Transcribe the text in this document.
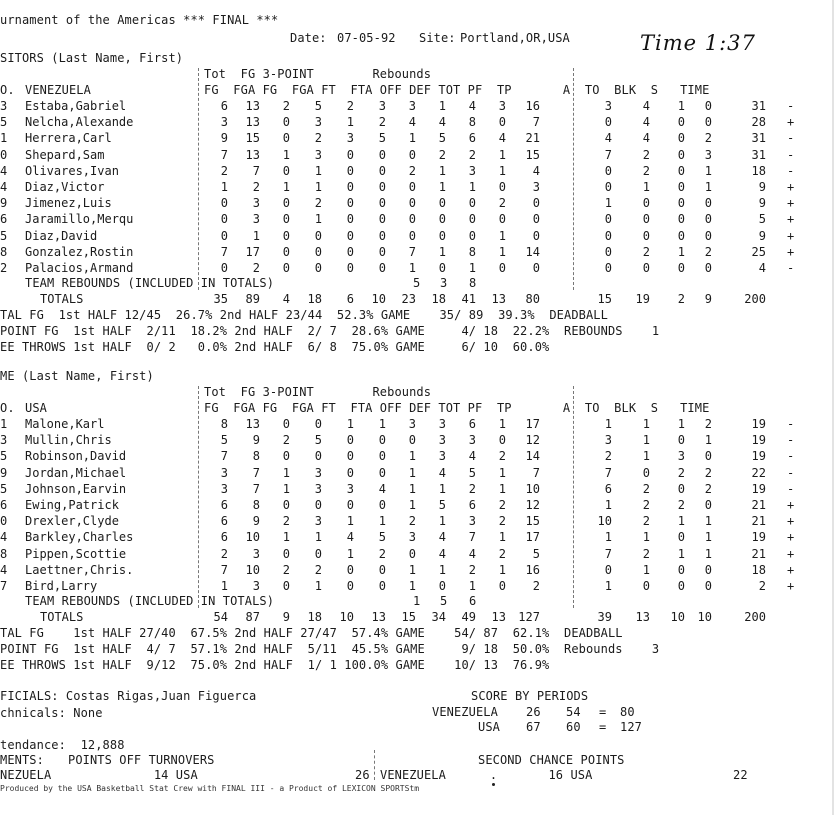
urnament of the Americas *** FINAL ***
Date: 07-05-92 Site: Portland,OR,USA	Time 1:37
SITORS (Last Name, First)
Tot  FG 3-POINT        Rebounds
O. VENEZUELA	FG  FGA FG  FGA FT  FTA OFF DEF TOT PF  TP       A  TO  BLK  S   TIME
3 Estaba,Gabriel	6 13 2 5 2 3 3 1 4 3 16	3	4 1 0	31 -
5 Nelcha,Alexande	3 13 0 3 1 2 4 4 8 0 7	0	4 0 0	28 +
1 Herrera,Carl	9 15 0 2 3 5 1 5 6 4 21	4	4 0 2	31 -
0 Shepard,Sam	7 13 1 3 0 0 0 2 2 1 15	7	2 0 3	31 -
4 Olivares,Ivan	2 7 0 1 0 0 2 1 3 1 4	0	2 0 1	18 -
4 Diaz,Victor	1 2 1 1 0 0 0 1 1 0 3	0	1 0 1	9 +
9 Jimenez,Luis	0 3 0 2 0 0 0 0 0 2 0	1	0 0 0	9 +
6 Jaramillo,Merqu	0 3 0 1 0 0 0 0 0 0 0	0	0 0 0	5 +
5 Diaz,David	0 1 0 0 0 0 0 0 0 1 0	0	0 0 0	9 +
8 Gonzalez,Rostin	7 17 0 0 0 0 7 1 8 1 14	0	2 1 2	25 +
2 Palacios,Armand	0 2 0 0 0 0 1 0 1 0 0	0	0 0 0	4 -
TEAM REBOUNDS (INCLUDED IN TOTALS)	5 3 8
TOTALS	35 89 4 18 6 10 23 18 41 13 80	15 19 2 9	200
TAL FG  1st HALF 12/45  26.7% 2nd HALF 23/44  52.3% GAME    35/ 89  39.3%  DEADBALL
POINT FG  1st HALF  2/11  18.2% 2nd HALF  2/ 7  28.6% GAME     4/ 18  22.2%  REBOUNDS    1
EE THROWS 1st HALF  0/ 2   0.0% 2nd HALF  6/ 8  75.0% GAME     6/ 10  60.0%
ME (Last Name, First)
Tot  FG 3-POINT        Rebounds
O. USA	FG  FGA FG  FGA FT  FTA OFF DEF TOT PF  TP       A  TO  BLK  S   TIME
1 Malone,Karl	8 13 0 0 1 1 3 3 6 1 17	1	1 1 2	19 -
3 Mullin,Chris	5 9 2 5 0 0 0 3 3 0 12	3	1 0 1	19 -
5 Robinson,David	7 8 0 0 0 0 1 3 4 2 14	2	1 3 0	19 -
9 Jordan,Michael	3 7 1 3 0 0 1 4 5 1 7	7	0 2 2	22 -
5 Johnson,Earvin	3 7 1 3 3 4 1 1 2 1 10	6	2 0 2	19 -
6 Ewing,Patrick	6 8 0 0 0 0 1 5 6 2 12	1	2 2 0	21 +
0 Drexler,Clyde	6 9 2 3 1 1 2 1 3 2 15	10	2 1 1	21 +
4 Barkley,Charles	6 10 1 1 4 5 3 4 7 1 17	1	1 0 1	19 +
8 Pippen,Scottie	2 3 0 0 1 2 0 4 4 2 5	7	2 1 1	21 +
4 Laettner,Chris.	7 10 2 2 0 0 1 1 2 1 16	0	1 0 0	18 +
7 Bird,Larry	1 3 0 1 0 0 1 0 1 0 2	1	0 0 0	2 +
TEAM REBOUNDS (INCLUDED IN TOTALS)	1 5 6
TOTALS	54 87 9 18 10 13 15 34 49 13 127	39 13 10 10	200
TAL FG    1st HALF 27/40  67.5% 2nd HALF 27/47  57.4% GAME    54/ 87  62.1%  DEADBALL
POINT FG  1st HALF  4/ 7  57.1% 2nd HALF  5/11  45.5% GAME     9/ 18  50.0%  Rebounds    3
EE THROWS 1st HALF  9/12  75.0% 2nd HALF  1/ 1 100.0% GAME    10/ 13  76.9%
FICIALS: Costas Rigas,Juan Figuerca
chnicals: None
SCORE BY PERIODS
VENEZUELA 26 54 = 80
USA 67 60 = 127
tendance:  12,888
MENTS: POINTS OFF TURNOVERS	SECOND CHANCE POINTS
NEZUELA              14 USA	26 VENEZUELA      .       16 USA	22
Produced by the USA Basketball Stat Crew with FINAL III - a Product of LEXICON SPORTStm
